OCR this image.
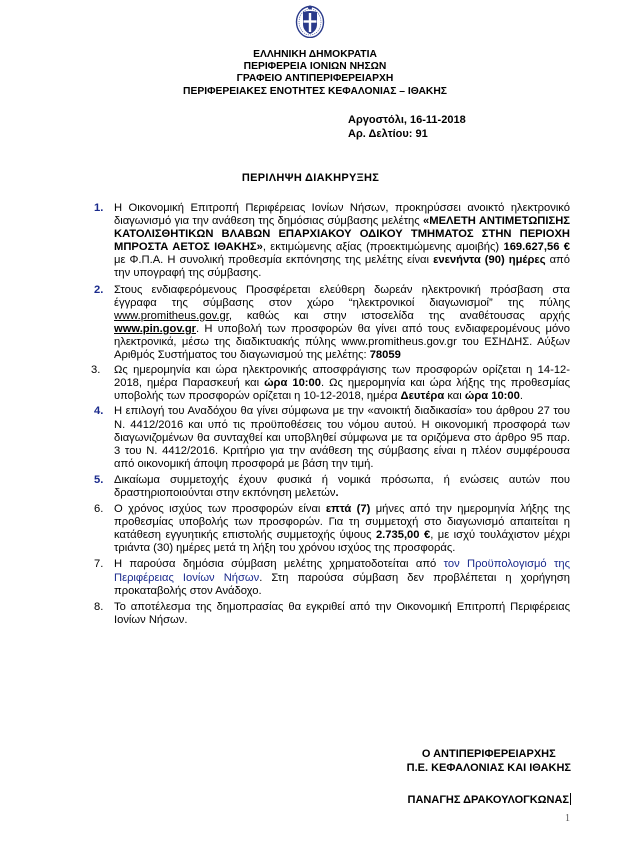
ΕΛΛΗΝΙΚΗ ΔΗΜΟΚΡΑΤΙΑ
ΠΕΡΙΦΕΡΕΙΑ ΙΟΝΙΩΝ ΝΗΣΩΝ
ΓΡΑΦΕΙΟ ΑΝΤΙΠΕΡΙΦΕΡΕΙΑΡΧΗ
ΠΕΡΙΦΕΡΕΙΑΚΕΣ ΕΝΟΤΗΤΕΣ ΚΕΦΑΛΟΝΙΑΣ – ΙΘΑΚΗΣ
Αργοστόλι, 16-11-2018
Αρ. Δελτίου: 91
ΠΕΡΙΛΗΨΗ ΔΙΑΚΗΡΥΞΗΣ
1. Η Οικονομική Επιτροπή Περιφέρειας Ιονίων Νήσων, προκηρύσσει ανοικτό ηλεκτρονικό διαγωνισμό για την ανάθεση της δημόσιας σύμβασης μελέτης «ΜΕΛΕΤΗ ΑΝΤΙΜΕΤΩΠΙΣΗΣ ΚΑΤΟΛΙΣΘΗΤΙΚΩΝ ΒΛΑΒΩΝ ΕΠΑΡΧΙΑΚΟΥ ΟΔΙΚΟΥ ΤΜΗΜΑΤΟΣ ΣΤΗΝ ΠΕΡΙΟΧΗ ΜΠΡΟΣΤΑ ΑΕΤΟΣ ΙΘΑΚΗΣ», εκτιμώμενης αξίας (προεκτιμώμενης αμοιβής) 169.627,56 € με Φ.Π.Α. Η συνολική προθεσμία εκπόνησης της μελέτης είναι ενενήντα (90) ημέρες από την υπογραφή της σύμβασης.
2. Στους ενδιαφερόμενους Προσφέρεται ελεύθερη δωρεάν ηλεκτρονική πρόσβαση στα έγγραφα της σύμβασης στον χώρο “ηλεκτρονικοί διαγωνισμοί” της πύλης www.promitheus.gov.gr, καθώς και στην ιστοσελίδα της αναθέτουσας αρχής www.pin.gov.gr. Η υποβολή των προσφορών θα γίνει από τους ενδιαφερομένους μόνο ηλεκτρονικά, μέσω της διαδικτυακής πύλης www.promitheus.gov.gr του ΕΣΗΔΗΣ. Αύξων Αριθμός Συστήματος του διαγωνισμού της μελέτης: 78059
3. Ως ημερομηνία και ώρα ηλεκτρονικής αποσφράγισης των προσφορών ορίζεται η 14-12-2018, ημέρα Παρασκευή και ώρα 10:00. Ως ημερομηνία και ώρα λήξης της προθεσμίας υποβολής των προσφορών ορίζεται η 10-12-2018, ημέρα Δευτέρα και ώρα 10:00.
4. Η επιλογή του Αναδόχου θα γίνει σύμφωνα με την «ανοικτή διαδικασία» του άρθρου 27 του Ν. 4412/2016 και υπό τις προϋποθέσεις του νόμου αυτού. Η οικονομική προσφορά των διαγωνιζομένων θα συνταχθεί και υποβληθεί σύμφωνα με τα οριζόμενα στο άρθρο 95 παρ. 3 του Ν. 4412/2016. Κριτήριο για την ανάθεση της σύμβασης είναι η πλέον συμφέρουσα από οικονομική άποψη προσφορά με βάση την τιμή.
5. Δικαίωμα συμμετοχής έχουν φυσικά ή νομικά πρόσωπα, ή ενώσεις αυτών που δραστηριοποιούνται στην εκπόνηση μελετών.
6. Ο χρόνος ισχύος των προσφορών είναι επτά (7) μήνες από την ημερομηνία λήξης της προθεσμίας υποβολής των προσφορών. Για τη συμμετοχή στο διαγωνισμό απαιτείται η κατάθεση εγγυητικής επιστολής συμμετοχής ύψους 2.735,00 €, με ισχύ τουλάχιστον μέχρι τριάντα (30) ημέρες μετά τη λήξη του χρόνου ισχύος της προσφοράς.
7. Η παρούσα δημόσια σύμβαση μελέτης χρηματοδοτείται από τον Προϋπολογισμό της Περιφέρειας Ιονίων Νήσων. Στη παρούσα σύμβαση δεν προβλέπεται η χορήγηση προκαταβολής στον Ανάδοχο.
8. Το αποτέλεσμα της δημοπρασίας θα εγκριθεί από την Οικονομική Επιτροπή Περιφέρειας Ιονίων Νήσων.
Ο ΑΝΤΙΠΕΡΙΦΕΡΕΙΑΡΧΗΣ
Π.Ε. ΚΕΦΑΛΟΝΙΑΣ ΚΑΙ ΙΘΑΚΗΣ
ΠΑΝΑΓΗΣ ΔΡΑΚΟΥΛΟΓΚΩΝΑΣ
1
